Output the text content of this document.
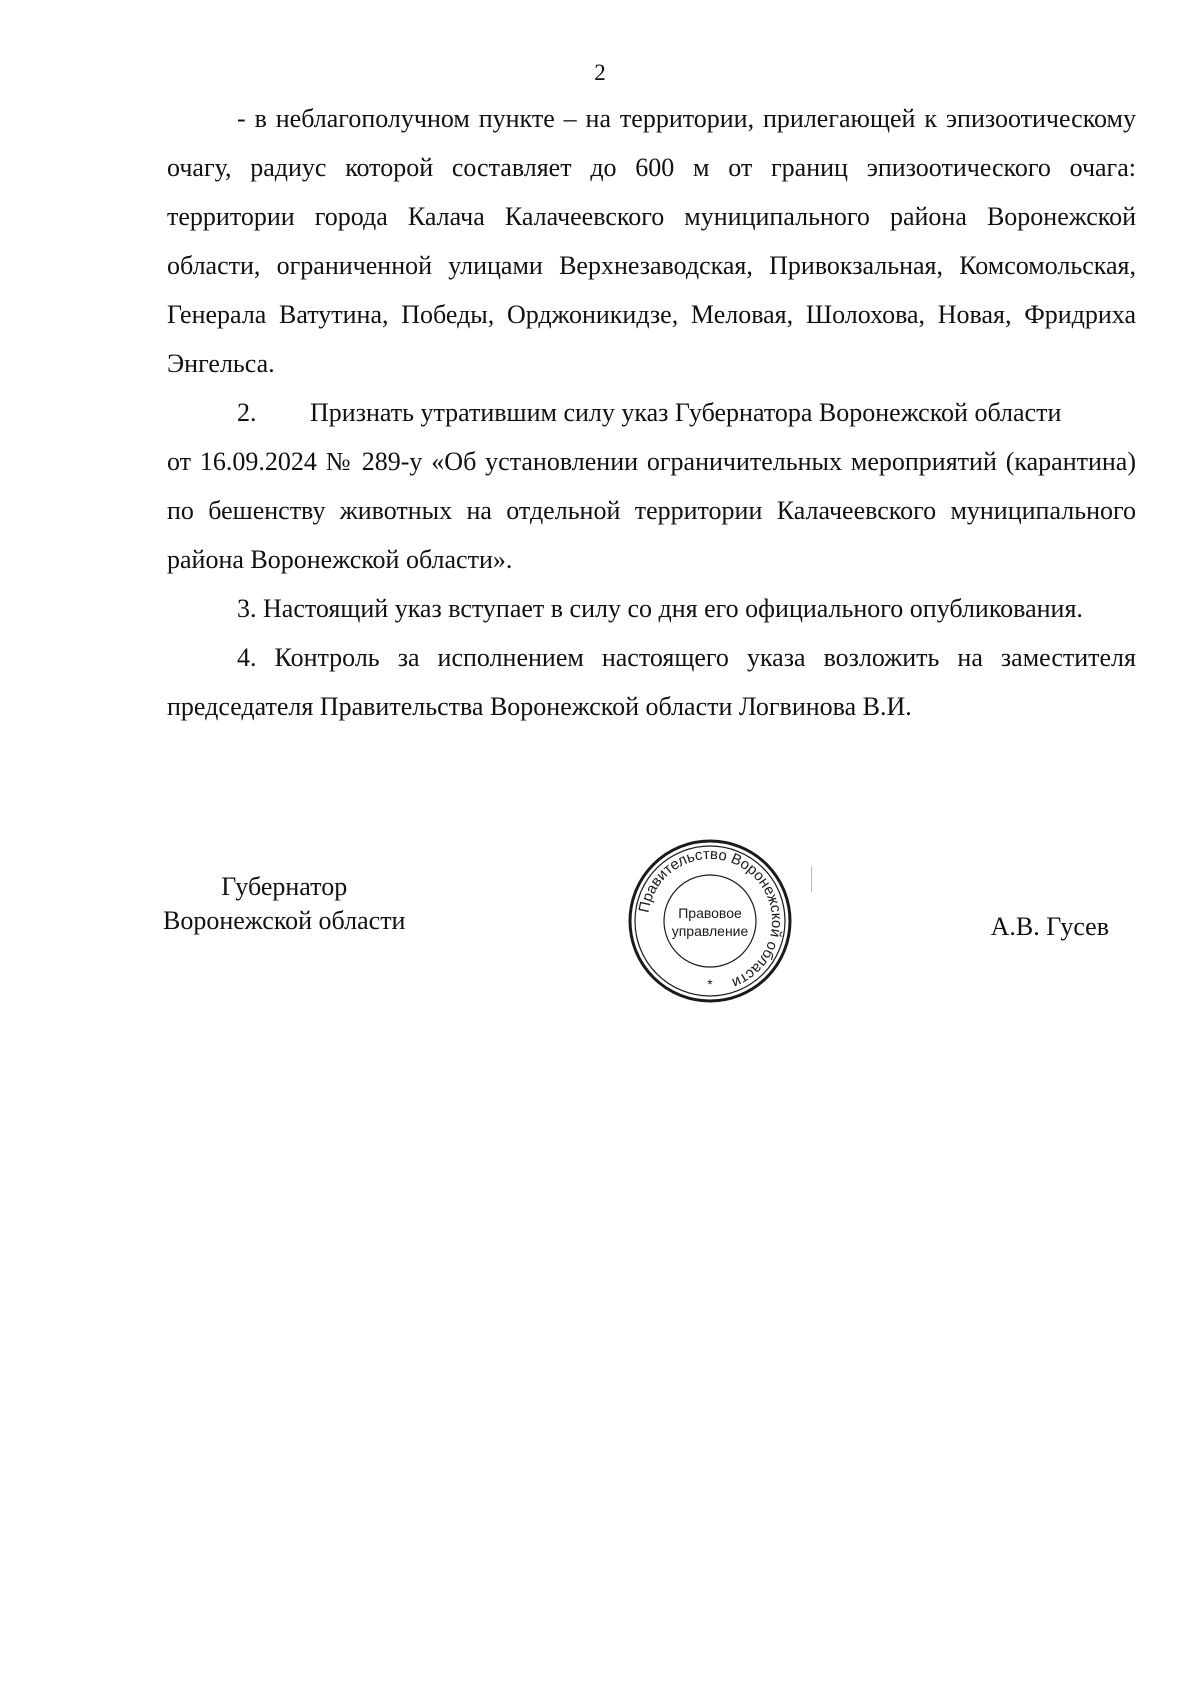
2

- в неблагополучном пункте – на территории, прилегающей к эпизоотическому очагу, радиус которой составляет до 600 м от границ эпизоотического очага: территории города Калача Калачеевского муниципального района Воронежской области, ограниченной улицами Верхнезаводская, Привокзальная, Комсомольская, Генерала Ватутина, Победы, Орджоникидзе, Меловая, Шолохова, Новая, Фридриха Энгельса.

2. Признать утратившим силу указ Губернатора Воронежской области
от 16.09.2024 № 289-у «Об установлении ограничительных мероприятий (карантина) по бешенству животных на отдельной территории Калачеевского муниципального района Воронежской области».

3. Настоящий указ вступает в силу со дня его официального опубликования.

4. Контроль за исполнением настоящего указа возложить на заместителя председателя Правительства Воронежской области Логвинова В.И.

Губернатор
Воронежской области	Правительство Воронежской области
Правовое
управление
*
А.В. Гусев
